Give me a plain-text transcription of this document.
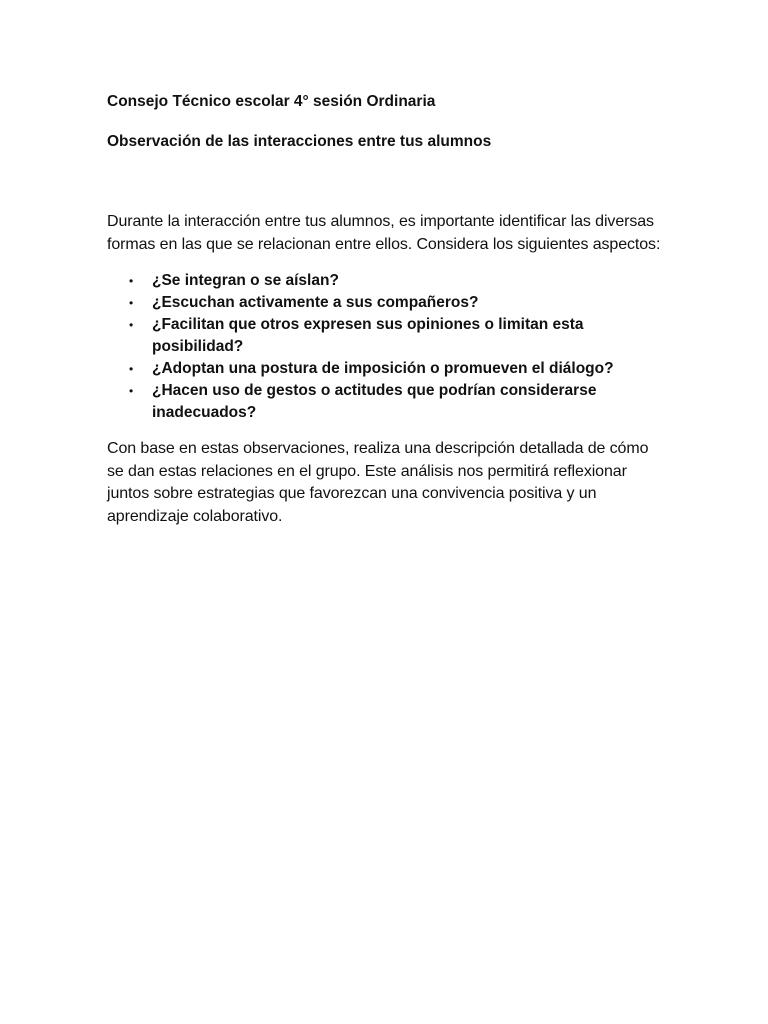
Consejo Técnico escolar 4° sesión Ordinaria

Observación de las interacciones entre tus alumnos

Durante la interacción entre tus alumnos, es importante identificar las diversas formas en las que se relacionan entre ellos. Considera los siguientes aspectos:

• ¿Se integran o se aíslan?
• ¿Escuchan activamente a sus compañeros?
• ¿Facilitan que otros expresen sus opiniones o limitan esta posibilidad?
• ¿Adoptan una postura de imposición o promueven el diálogo?
• ¿Hacen uso de gestos o actitudes que podrían considerarse inadecuados?

Con base en estas observaciones, realiza una descripción detallada de cómo se dan estas relaciones en el grupo. Este análisis nos permitirá reflexionar juntos sobre estrategias que favorezcan una convivencia positiva y un aprendizaje colaborativo.
